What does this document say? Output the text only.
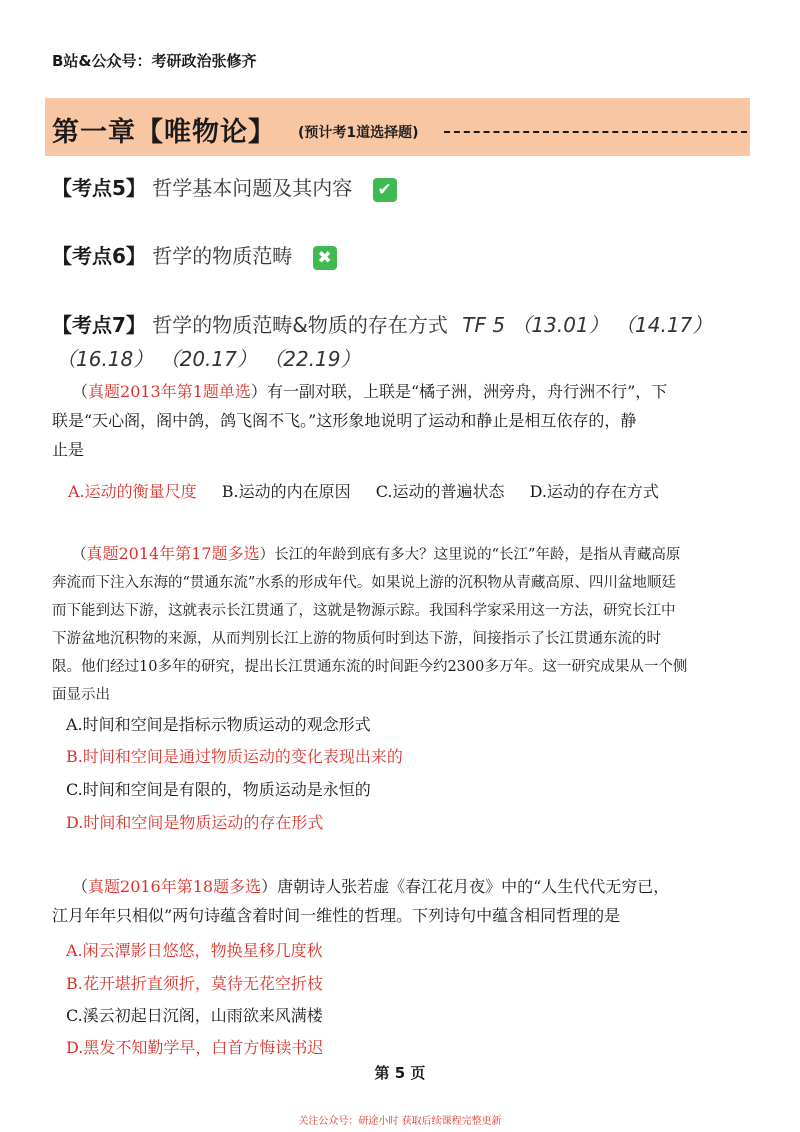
B站&公众号：考研政治张修齐
第一章【唯物论】 (预计考1道选择题)
【考点5】 哲学基本问题及其内容 ✔
【考点6】 哲学的物质范畴 ✖
【考点7】 哲学的物质范畴&物质的存在方式 TF 5 （13.01） （14.17）
（16.18） （20.17） （22.19）
（真题2013年第1题单选）有一副对联，上联是“橘子洲，洲旁舟，舟行洲不行”，下
联是“天心阁，阁中鸽，鸽飞阁不飞。”这形象地说明了运动和静止是相互依存的，静
止是
A.运动的衡量尺度 B.运动的内在原因 C.运动的普遍状态 D.运动的存在方式
（真题2014年第17题多选）长江的年龄到底有多大？这里说的“长江”年龄，是指从青藏高原
奔流而下注入东海的“贯通东流”水系的形成年代。如果说上游的沉积物从青藏高原、四川盆地顺廷
而下能到达下游，这就表示长江贯通了，这就是物源示踪。我国科学家采用这一方法，研究长江中
下游盆地沉积物的来源，从而判别长江上游的物质何时到达下游，间接指示了长江贯通东流的时
限。他们经过10多年的研究，提出长江贯通东流的时间距今约2300多万年。这一研究成果从一个侧
面显示出
A.时间和空间是指标示物质运动的观念形式
B.时间和空间是通过物质运动的变化表现出来的
C.时间和空间是有限的，物质运动是永恒的
D.时间和空间是物质运动的存在形式
（真题2016年第18题多选）唐朝诗人张若虚《春江花月夜》中的“人生代代无穷已，
江月年年只相似”两句诗蕴含着时间一维性的哲理。下列诗句中蕴含相同哲理的是
A.闲云潭影日悠悠，物换星移几度秋
B.花开堪折直须折，莫待无花空折枝
C.溪云初起日沉阁，山雨欲来风满楼
D.黑发不知勤学早，白首方悔读书迟
第 5 页
关注公众号：研途小时 获取后续课程完整更新
